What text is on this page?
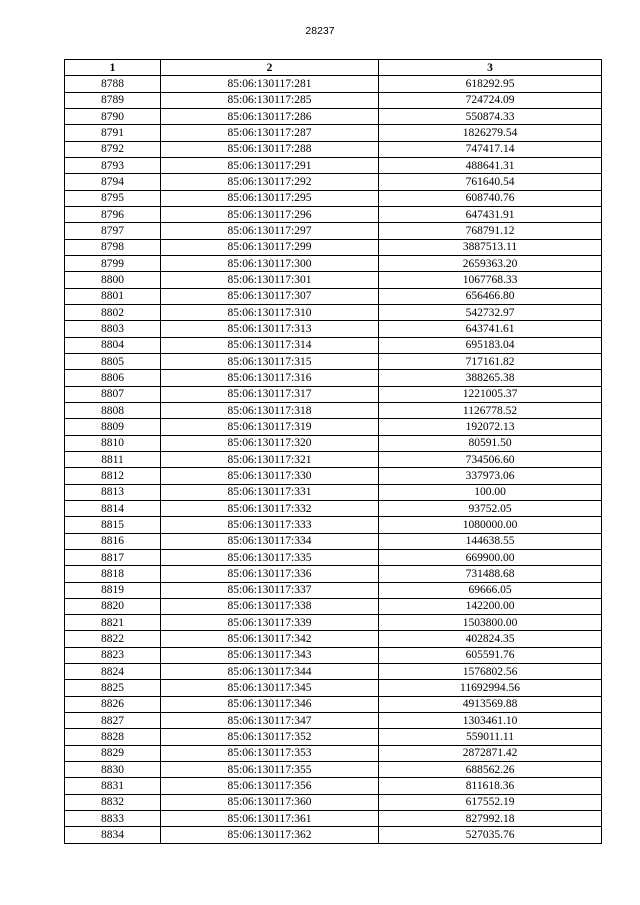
28237
1	2	3
8788	85:06:130117:281	618292.95
8789	85:06:130117:285	724724.09
8790	85:06:130117:286	550874.33
8791	85:06:130117:287	1826279.54
8792	85:06:130117:288	747417.14
8793	85:06:130117:291	488641.31
8794	85:06:130117:292	761640.54
8795	85:06:130117:295	608740.76
8796	85:06:130117:296	647431.91
8797	85:06:130117:297	768791.12
8798	85:06:130117:299	3887513.11
8799	85:06:130117:300	2659363.20
8800	85:06:130117:301	1067768.33
8801	85:06:130117:307	656466.80
8802	85:06:130117:310	542732.97
8803	85:06:130117:313	643741.61
8804	85:06:130117:314	695183.04
8805	85:06:130117:315	717161.82
8806	85:06:130117:316	388265.38
8807	85:06:130117:317	1221005.37
8808	85:06:130117:318	1126778.52
8809	85:06:130117:319	192072.13
8810	85:06:130117:320	80591.50
8811	85:06:130117:321	734506.60
8812	85:06:130117:330	337973.06
8813	85:06:130117:331	100.00
8814	85:06:130117:332	93752.05
8815	85:06:130117:333	1080000.00
8816	85:06:130117:334	144638.55
8817	85:06:130117:335	669900.00
8818	85:06:130117:336	731488.68
8819	85:06:130117:337	69666.05
8820	85:06:130117:338	142200.00
8821	85:06:130117:339	1503800.00
8822	85:06:130117:342	402824.35
8823	85:06:130117:343	605591.76
8824	85:06:130117:344	1576802.56
8825	85:06:130117:345	11692994.56
8826	85:06:130117:346	4913569.88
8827	85:06:130117:347	1303461.10
8828	85:06:130117:352	559011.11
8829	85:06:130117:353	2872871.42
8830	85:06:130117:355	688562.26
8831	85:06:130117:356	811618.36
8832	85:06:130117:360	617552.19
8833	85:06:130117:361	827992.18
8834	85:06:130117:362	527035.76
